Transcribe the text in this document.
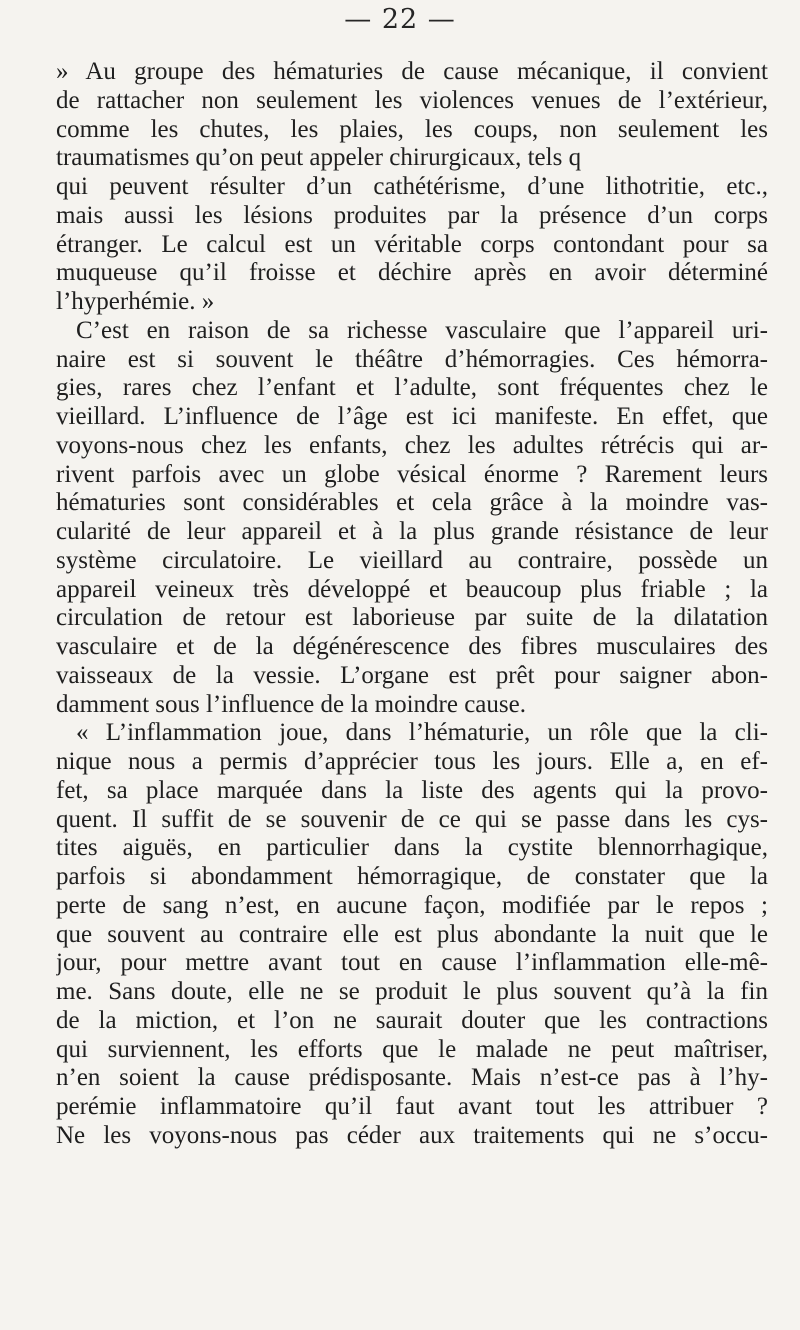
— 22 —
» Au groupe des hématuries de cause mécanique, il convient
de rattacher non seulement les violences venues de l’extérieur,
comme les chutes, les plaies, les coups, non seulement les
traumatismes qu’on peut appeler chirurgicaux, tels q
qui peuvent résulter d’un cathétérisme, d’une lithotritie, etc.,
mais aussi les lésions produites par la présence d’un corps
étranger. Le calcul est un véritable corps contondant pour sa
muqueuse qu’il froisse et déchire après en avoir déterminé
l’hyperhémie. »
C’est en raison de sa richesse vasculaire que l’appareil uri-
naire est si souvent le théâtre d’hémorragies. Ces hémorra-
gies, rares chez l’enfant et l’adulte, sont fréquentes chez le
vieillard. L’influence de l’âge est ici manifeste. En effet, que
voyons-nous chez les enfants, chez les adultes rétrécis qui ar-
rivent parfois avec un globe vésical énorme ? Rarement leurs
hématuries sont considérables et cela grâce à la moindre vas-
cularité de leur appareil et à la plus grande résistance de leur
système circulatoire. Le vieillard au contraire, possède un
appareil veineux très développé et beaucoup plus friable ; la
circulation de retour est laborieuse par suite de la dilatation
vasculaire et de la dégénérescence des fibres musculaires des
vaisseaux de la vessie. L’organe est prêt pour saigner abon-
damment sous l’influence de la moindre cause.
« L’inflammation joue, dans l’hématurie, un rôle que la cli-
nique nous a permis d’apprécier tous les jours. Elle a, en ef-
fet, sa place marquée dans la liste des agents qui la provo-
quent. Il suffit de se souvenir de ce qui se passe dans les cys-
tites aiguës, en particulier dans la cystite blennorrhagique,
parfois si abondamment hémorragique, de constater que la
perte de sang n’est, en aucune façon, modifiée par le repos ;
que souvent au contraire elle est plus abondante la nuit que le
jour, pour mettre avant tout en cause l’inflammation elle-mê-
me. Sans doute, elle ne se produit le plus souvent qu’à la fin
de la miction, et l’on ne saurait douter que les contractions
qui surviennent, les efforts que le malade ne peut maîtriser,
n’en soient la cause prédisposante. Mais n’est-ce pas à l’hy-
perémie inflammatoire qu’il faut avant tout les attribuer ?
Ne les voyons-nous pas céder aux traitements qui ne s’occu-
